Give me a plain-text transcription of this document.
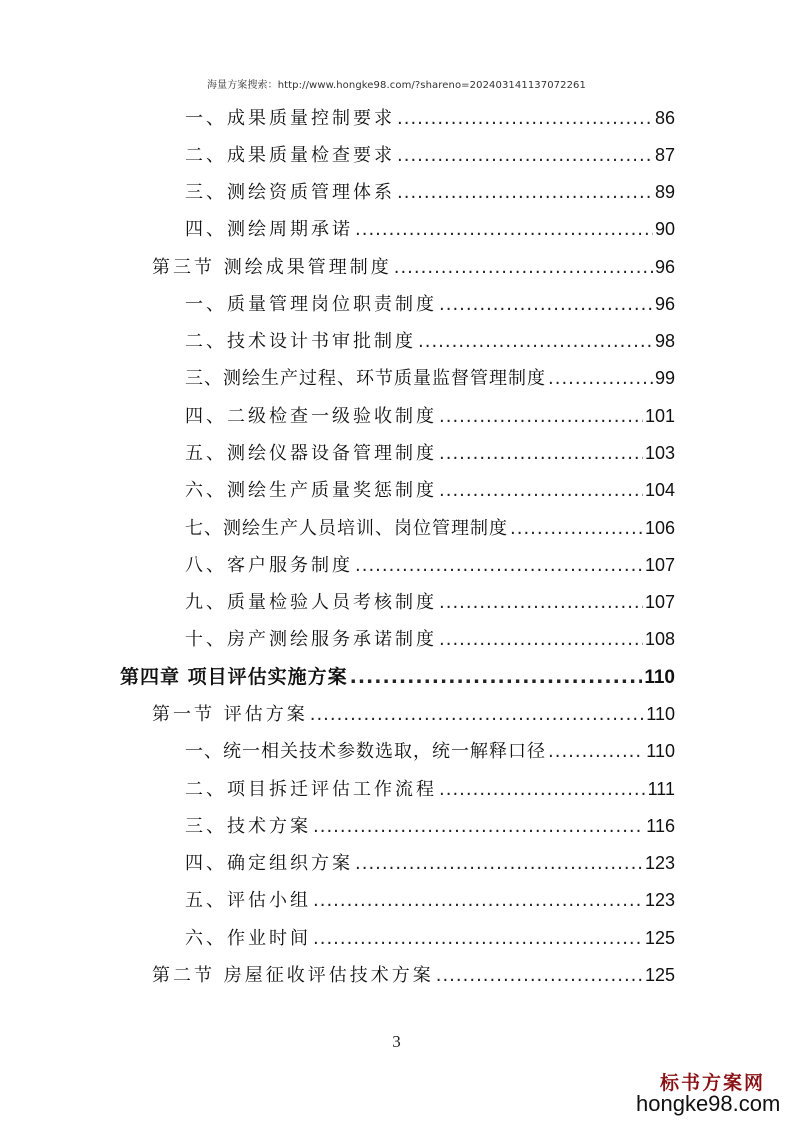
海量方案搜索：http://www.hongke98.com/?shareno=202403141137072261
一、成果质量控制要求 .....	86
二、成果质量检查要求 .....	87
三、测绘资质管理体系 .....	89
四、测绘周期承诺 .....	90
第三节 测绘成果管理制度 .....	96
一、质量管理岗位职责制度 .....	96
二、技术设计书审批制度 .....	98
三、测绘生产过程、环节质量监督管理制度 .....	99
四、二级检查一级验收制度 .....	101
五、测绘仪器设备管理制度 .....	103
六、测绘生产质量奖惩制度 .....	104
七、测绘生产人员培训、岗位管理制度 .....	106
八、客户服务制度 .....	107
九、质量检验人员考核制度 .....	107
十、房产测绘服务承诺制度 .....	108
第四章 项目评估实施方案 .....	110
第一节 评估方案 .....	110
一、统一相关技术参数选取，统一解释口径 .....	110
二、项目拆迁评估工作流程 .....	111
三、技术方案 .....	116
四、确定组织方案 .....	123
五、评估小组 .....	123
六、作业时间 .....	125
第二节 房屋征收评估技术方案 .....	125
3
标书方案网
hongke98.com
